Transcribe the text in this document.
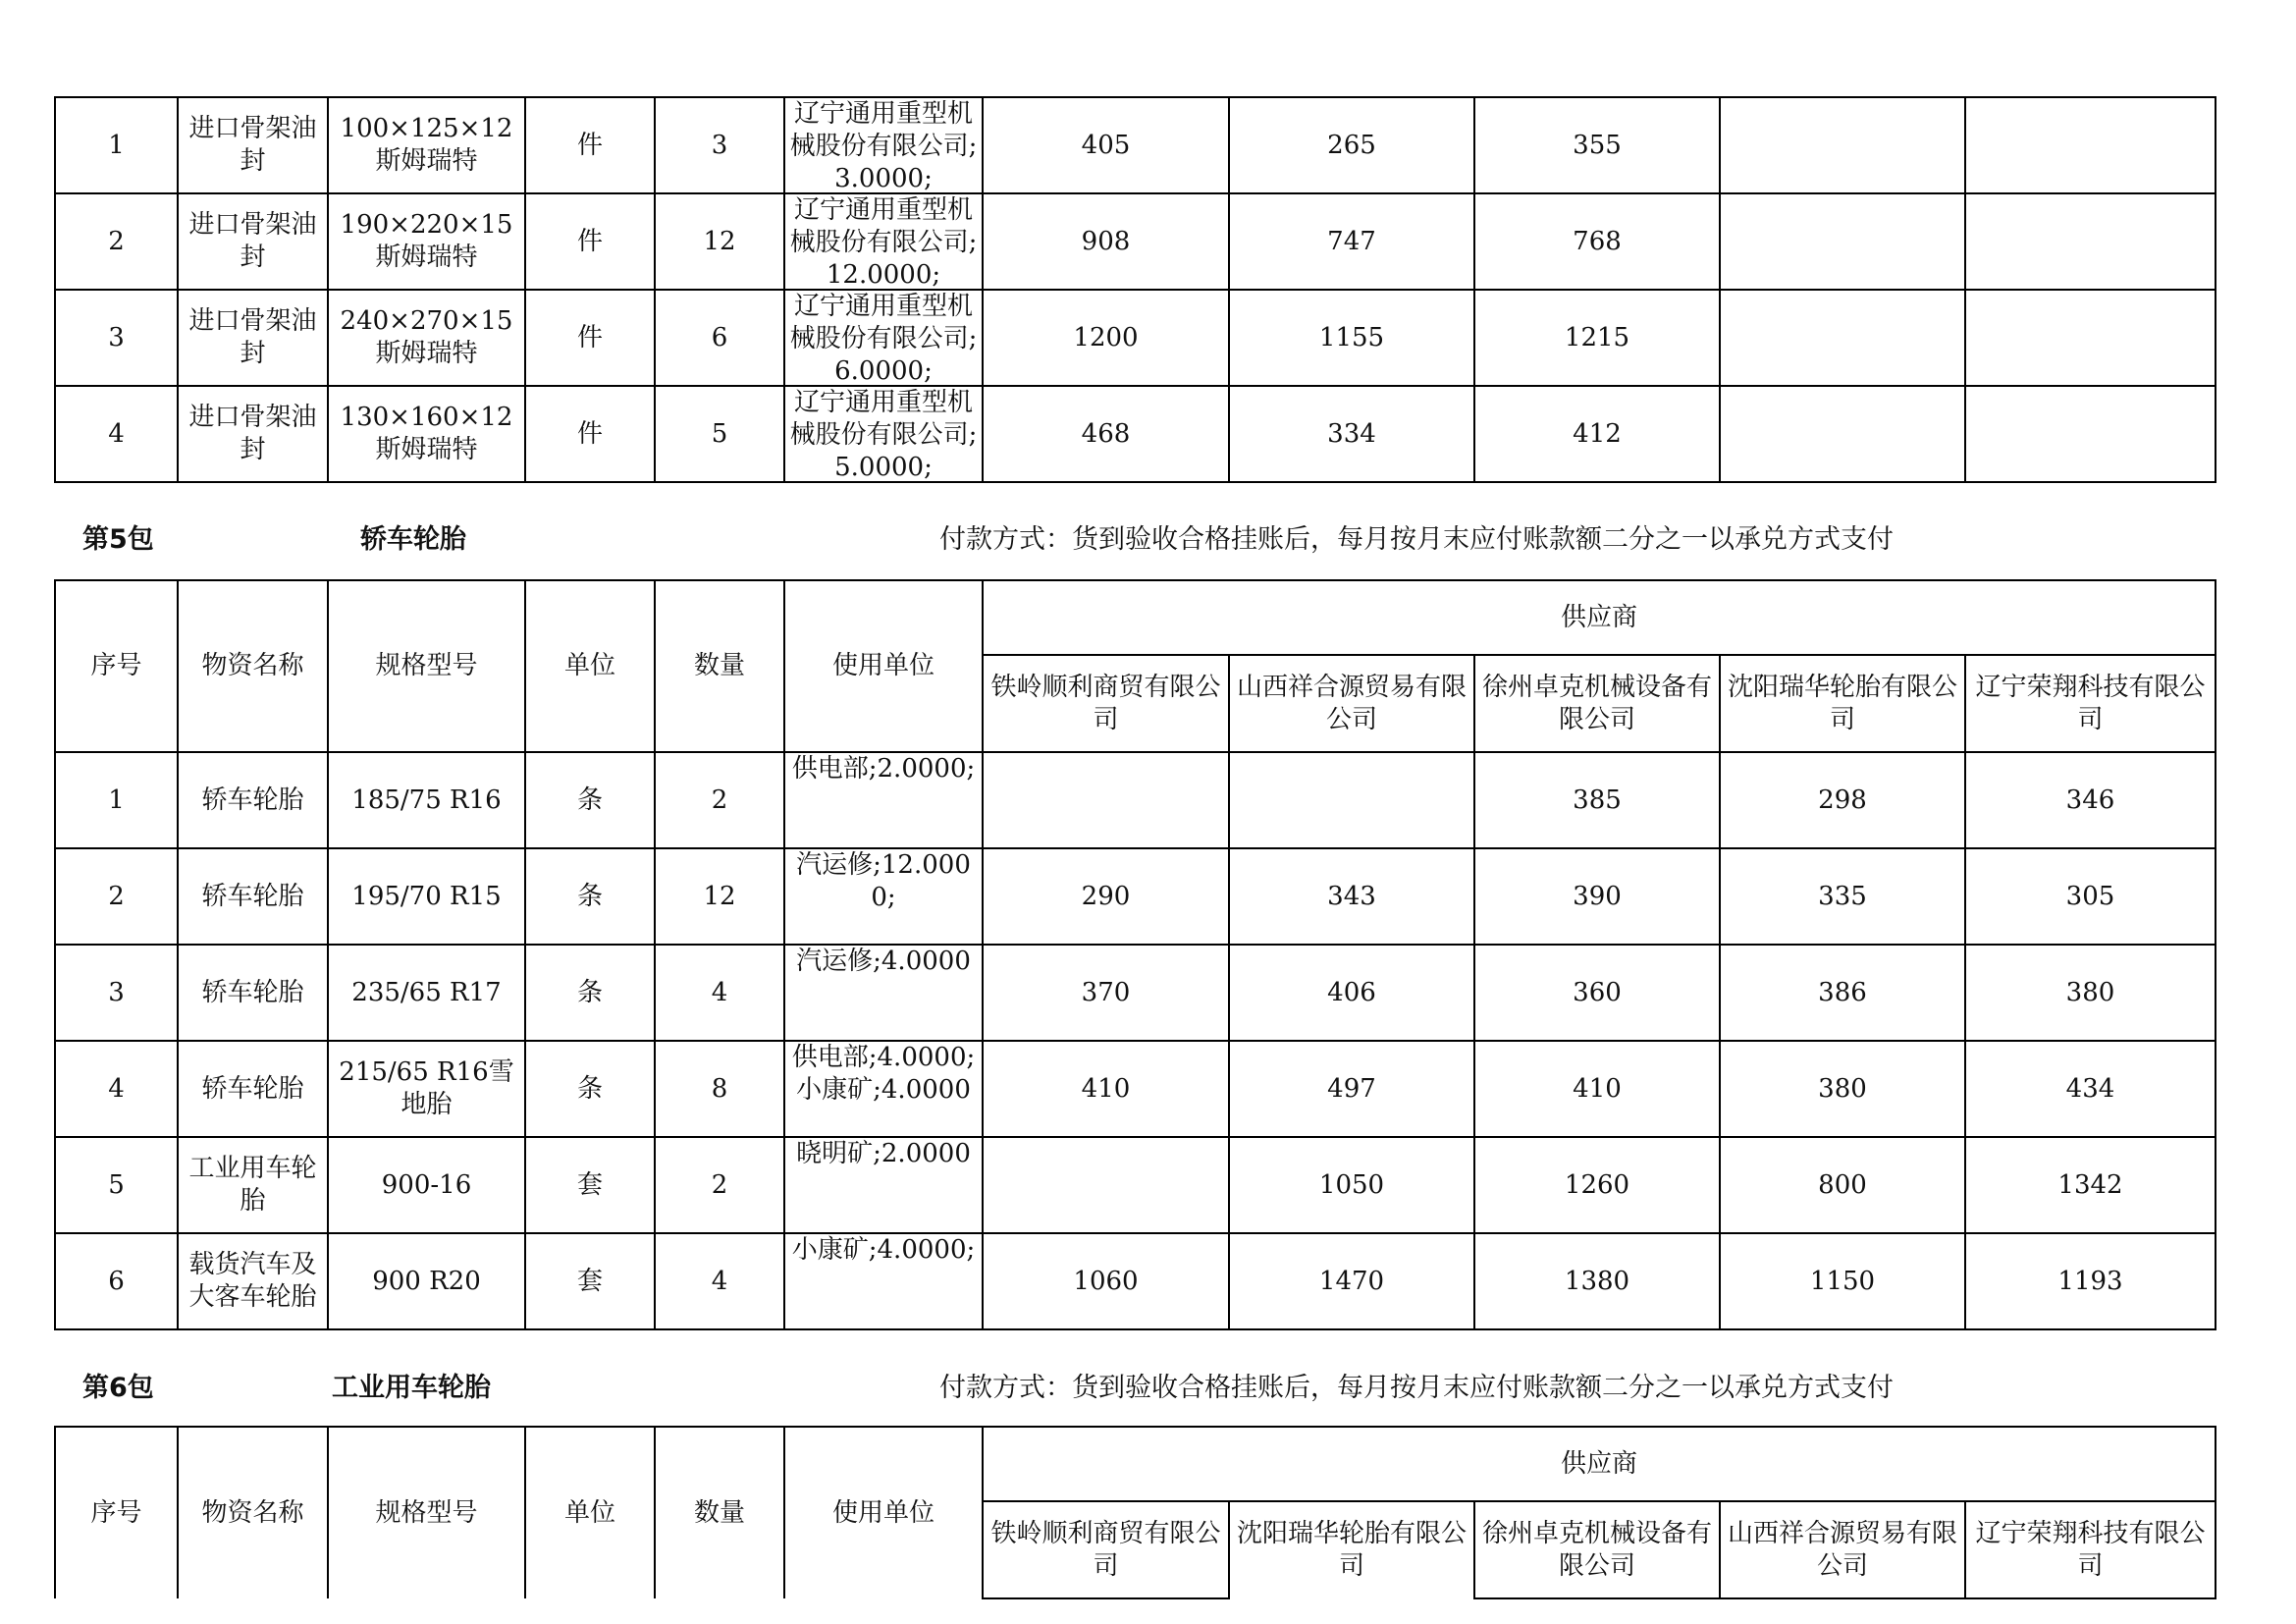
1	进口骨架油封	100×125×12斯姆瑞特	件	3	辽宁通用重型机械股份有限公司;3.0000;	405	265	355		
2	进口骨架油封	190×220×15斯姆瑞特	件	12	辽宁通用重型机械股份有限公司;12.0000;	908	747	768		
3	进口骨架油封	240×270×15斯姆瑞特	件	6	辽宁通用重型机械股份有限公司;6.0000;	1200	1155	1215		
4	进口骨架油封	130×160×12斯姆瑞特	件	5	辽宁通用重型机械股份有限公司;5.0000;	468	334	412		
第5包	轿车轮胎	付款方式：货到验收合格挂账后，每月按月末应付账款额二分之一以承兑方式支付
序号	物资名称	规格型号	单位	数量	使用单位	供应商				
						铁岭顺利商贸有限公司	山西祥合源贸易有限公司	徐州卓克机械设备有限公司	沈阳瑞华轮胎有限公司	辽宁荣翔科技有限公司
1	轿车轮胎	185/75 R16	条	2	供电部;2.0000;			385	298	346
2	轿车轮胎	195/70 R15	条	12	汽运修;12.0000;	290	343	390	335	305
3	轿车轮胎	235/65 R17	条	4	汽运修;4.0000	370	406	360	386	380
4	轿车轮胎	215/65 R16雪地胎	条	8	供电部;4.0000;小康矿;4.0000	410	497	410	380	434
5	工业用车轮胎	900-16	套	2	晓明矿;2.0000		1050	1260	800	1342
6	载货汽车及大客车轮胎	900 R20	套	4	小康矿;4.0000;	1060	1470	1380	1150	1193
第6包	工业用车轮胎	付款方式：货到验收合格挂账后，每月按月末应付账款额二分之一以承兑方式支付
序号	物资名称	规格型号	单位	数量	使用单位	供应商				
						铁岭顺利商贸有限公司	沈阳瑞华轮胎有限公司	徐州卓克机械设备有限公司	山西祥合源贸易有限公司	辽宁荣翔科技有限公司
